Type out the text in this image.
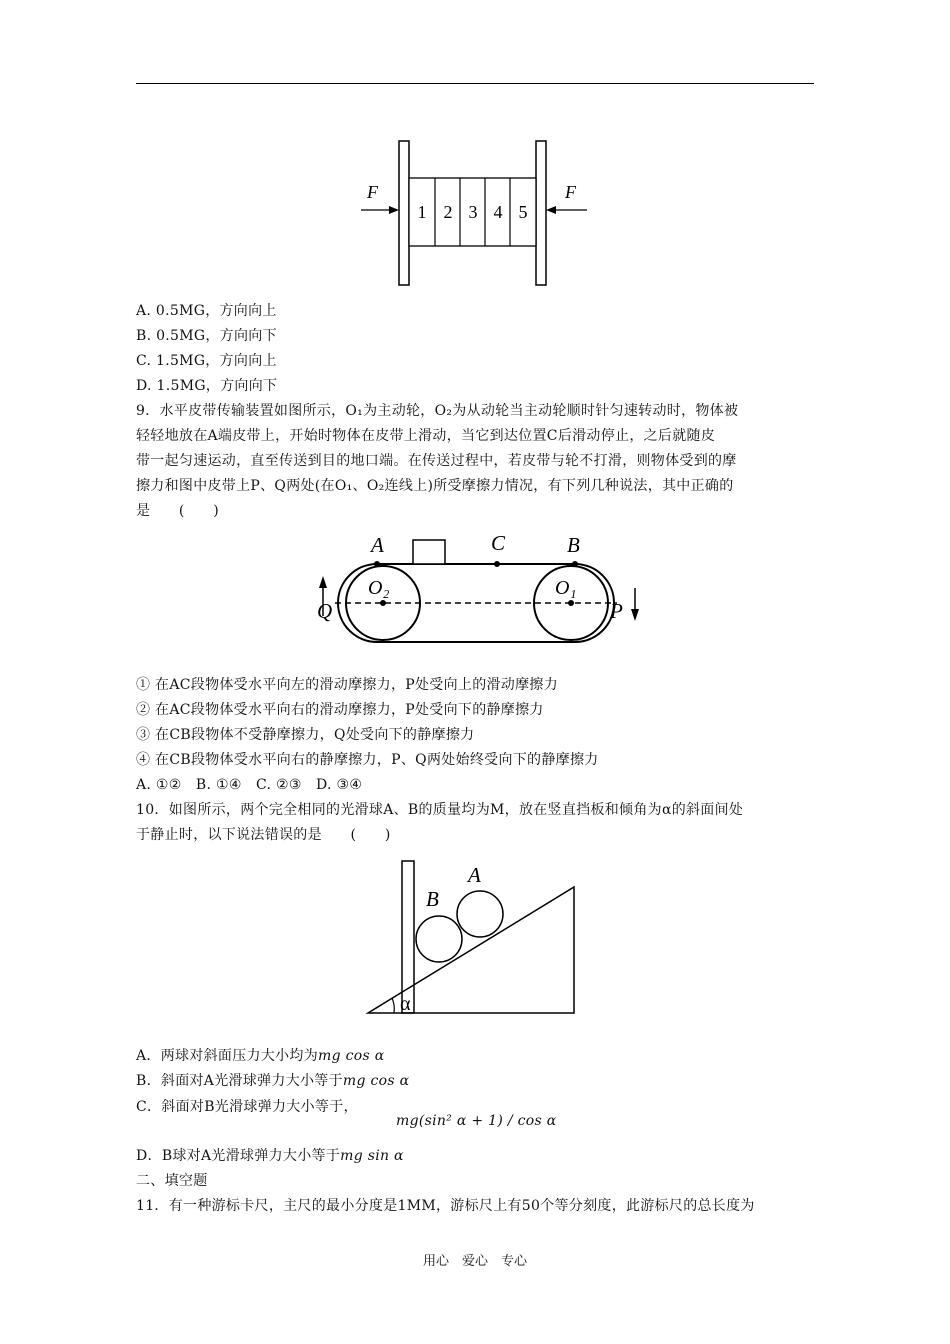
1 2 3 4 5
F	F
A. 0.5MG，方向向上
B. 0.5MG，方向向下
C. 1.5MG，方向向上
D. 1.5MG，方向向下
9．水平皮带传输装置如图所示，O₁为主动轮，O₂为从动轮当主动轮顺时针匀速转动时，物体被
轻轻地放在A端皮带上，开始时物体在皮带上滑动，当它到达位置C后滑动停止，之后就随皮
带一起匀速运动，直至传送到目的地口端。在传送过程中，若皮带与轮不打滑，则物体受到的摩
擦力和图中皮带上P、Q两处(在O₁、O₂连线上)所受摩擦力情况，有下列几种说法，其中正确的
是　　(　　)
A	C	B
O₂	O₁
Q	P
① 在AC段物体受水平向左的滑动摩擦力，P处受向上的滑动摩擦力
② 在AC段物体受水平向右的滑动摩擦力，P处受向下的静摩擦力
③ 在CB段物体不受静摩擦力，Q处受向下的静摩擦力
④ 在CB段物体受水平向右的静摩擦力，P、Q两处始终受向下的静摩擦力
A. ①②　B. ①④　C. ②③　D. ③④
10．如图所示，两个完全相同的光滑球A、B的质量均为M，放在竖直挡板和倾角为α的斜面间处
于静止时，以下说法错误的是　　(　　)
B
A
α
A．两球对斜面压力大小均为mg cos α
B．斜面对A光滑球弹力大小等于mg cos α
C．斜面对B光滑球弹力大小等于，
mg(sin² α + 1) / cos α
D．B球对A光滑球弹力大小等于mg sin α
二、填空题
11．有一种游标卡尺，主尺的最小分度是1MM，游标尺上有50个等分刻度，此游标尺的总长度为
用心　爱心　专心
